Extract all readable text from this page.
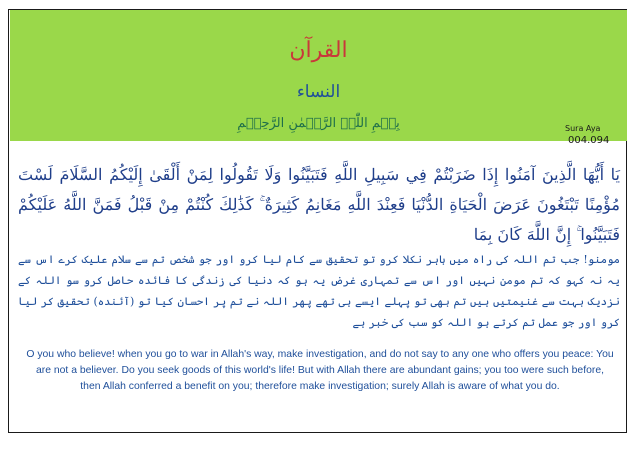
القرآن
النساء
بِسۡمِ اللّٰہِ الرَّحۡمٰنِ الرَّحِیۡمِ	Sura Aya
004.094
يَا أَيُّهَا الَّذِينَ آمَنُوا إِذَا ضَرَبْتُمْ فِي سَبِيلِ اللَّهِ فَتَبَيَّنُوا وَلَا تَقُولُوا لِمَنْ أَلْقَىٰ إِلَيْكُمُ السَّلَامَ لَسْتَ مُؤْمِنًا تَبْتَغُونَ عَرَضَ الْحَيَاةِ الدُّنْيَا فَعِنْدَ اللَّهِ مَغَانِمُ كَثِيرَةٌ ۚ كَذَٰلِكَ كُنْتُمْ مِنْ قَبْلُ فَمَنَّ اللَّهُ عَلَيْكُمْ فَتَبَيَّنُوا ۚ إِنَّ اللَّهَ كَانَ بِمَا
مومنو! جب تم اللہ کی راہ میں باہر نکلا کرو تو تحقیق سے کام لیا کرو اور جو شخص تم سے سلام علیک کرے اس سے یہ نہ کہو کہ تم مومن نہیں اور اس سے تمہاری غرض یہ ہو کہ دنیا کی زندگی کا فائدہ حاصل کرو سو اللہ کے نزدیک بہت سے غنیمتیں ہیں تم بھی تو پہلے ایسے ہی تھے پھر اللہ نے تم پر احسان کیا تو (آئندہ) تحقیق کر لیا کرو اور جو عمل تم کرتے ہو اللہ کو سب کی خبر ہے
O you who believe! when you go to war in Allah's way, make investigation, and do not say to any one who offers you peace: You are not a believer. Do you seek goods of this world's life! But with Allah there are abundant gains; you too were such before, then Allah conferred a benefit on you; therefore make investigation; surely Allah is aware of what you do.
